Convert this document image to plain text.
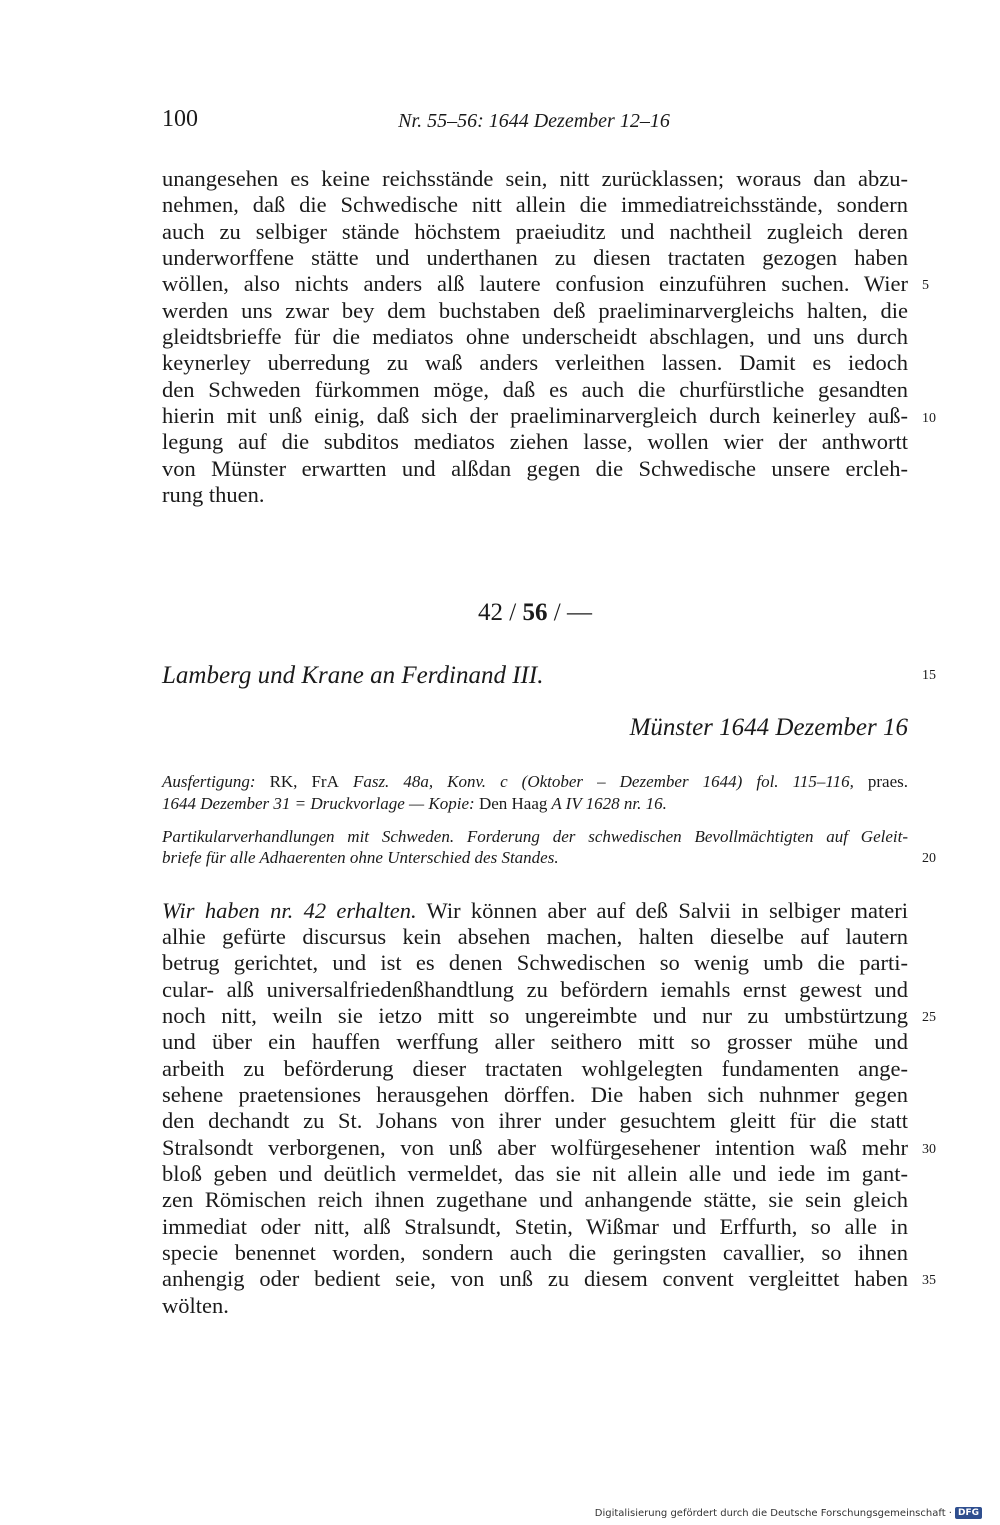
100	Nr. 55–56: 1644 Dezember 12–16
unangesehen es keine reichsstände sein, nitt zurücklassen; woraus dan abzu-
nehmen, daß die Schwedische nitt allein die immediatreichsstände, sondern
auch zu selbiger stände höchstem praeiuditz und nachtheil zugleich deren
underworffene stätte und underthanen zu diesen tractaten gezogen haben
wöllen, also nichts anders alß lautere confusion einzuführen suchen. Wier
werden uns zwar bey dem buchstaben deß praeliminarvergleichs halten, die
gleidtsbrieffe für die mediatos ohne underscheidt abschlagen, und uns durch
keynerley uberredung zu waß anders verleithen lassen. Damit es iedoch
den Schweden fürkommen möge, daß es auch die churfürstliche gesandten
hierin mit unß einig, daß sich der praeliminarvergleich durch keinerley auß-
legung auf die subditos mediatos ziehen lasse, wollen wier der anthwortt
von Münster erwartten und alßdan gegen die Schwedische unsere ercleh-
rung thuen.
42 / 56 / —
Lamberg und Krane an Ferdinand III.
Münster 1644 Dezember 16
Ausfertigung: RK, FrA Fasz. 48a, Konv. c (Oktober – Dezember 1644) fol. 115–116, praes.
1644 Dezember 31 = Druckvorlage — Kopie: Den Haag A IV 1628 nr. 16.
Partikularverhandlungen mit Schweden. Forderung der schwedischen Bevollmächtigten auf Geleit-
briefe für alle Adhaerenten ohne Unterschied des Standes.
Wir haben nr. 42 erhalten. Wir können aber auf deß Salvii in selbiger materi
alhie gefürte discursus kein absehen machen, halten dieselbe auf lautern
betrug gerichtet, und ist es denen Schwedischen so wenig umb die parti-
cular- alß universalfriedenßhandtlung zu befördern iemahls ernst gewest und
noch nitt, weiln sie ietzo mitt so ungereimbte und nur zu umbstürtzung
und über ein hauffen werffung aller seithero mitt so grosser mühe und
arbeith zu beförderung dieser tractaten wohlgelegten fundamenten ange-
sehene praetensiones herausgehen dörffen. Die haben sich nuhnmer gegen
den dechandt zu St. Johans von ihrer under gesuchtem gleitt für die statt
Stralsondt verborgenen, von unß aber wolfürgesehener intention waß mehr
bloß geben und deütlich vermeldet, das sie nit allein alle und iede im gant-
zen Römischen reich ihnen zugethane und anhangende stätte, sie sein gleich
immediat oder nitt, alß Stralsundt, Stetin, Wißmar und Erffurth, so alle in
specie benennet worden, sondern auch die geringsten cavallier, so ihnen
anhengig oder bedient seie, von unß zu diesem convent vergleittet haben
wölten.
5
10
15
20
25
30
35
Digitalisierung gefördert durch die Deutsche Forschungsgemeinschaft · DFG
